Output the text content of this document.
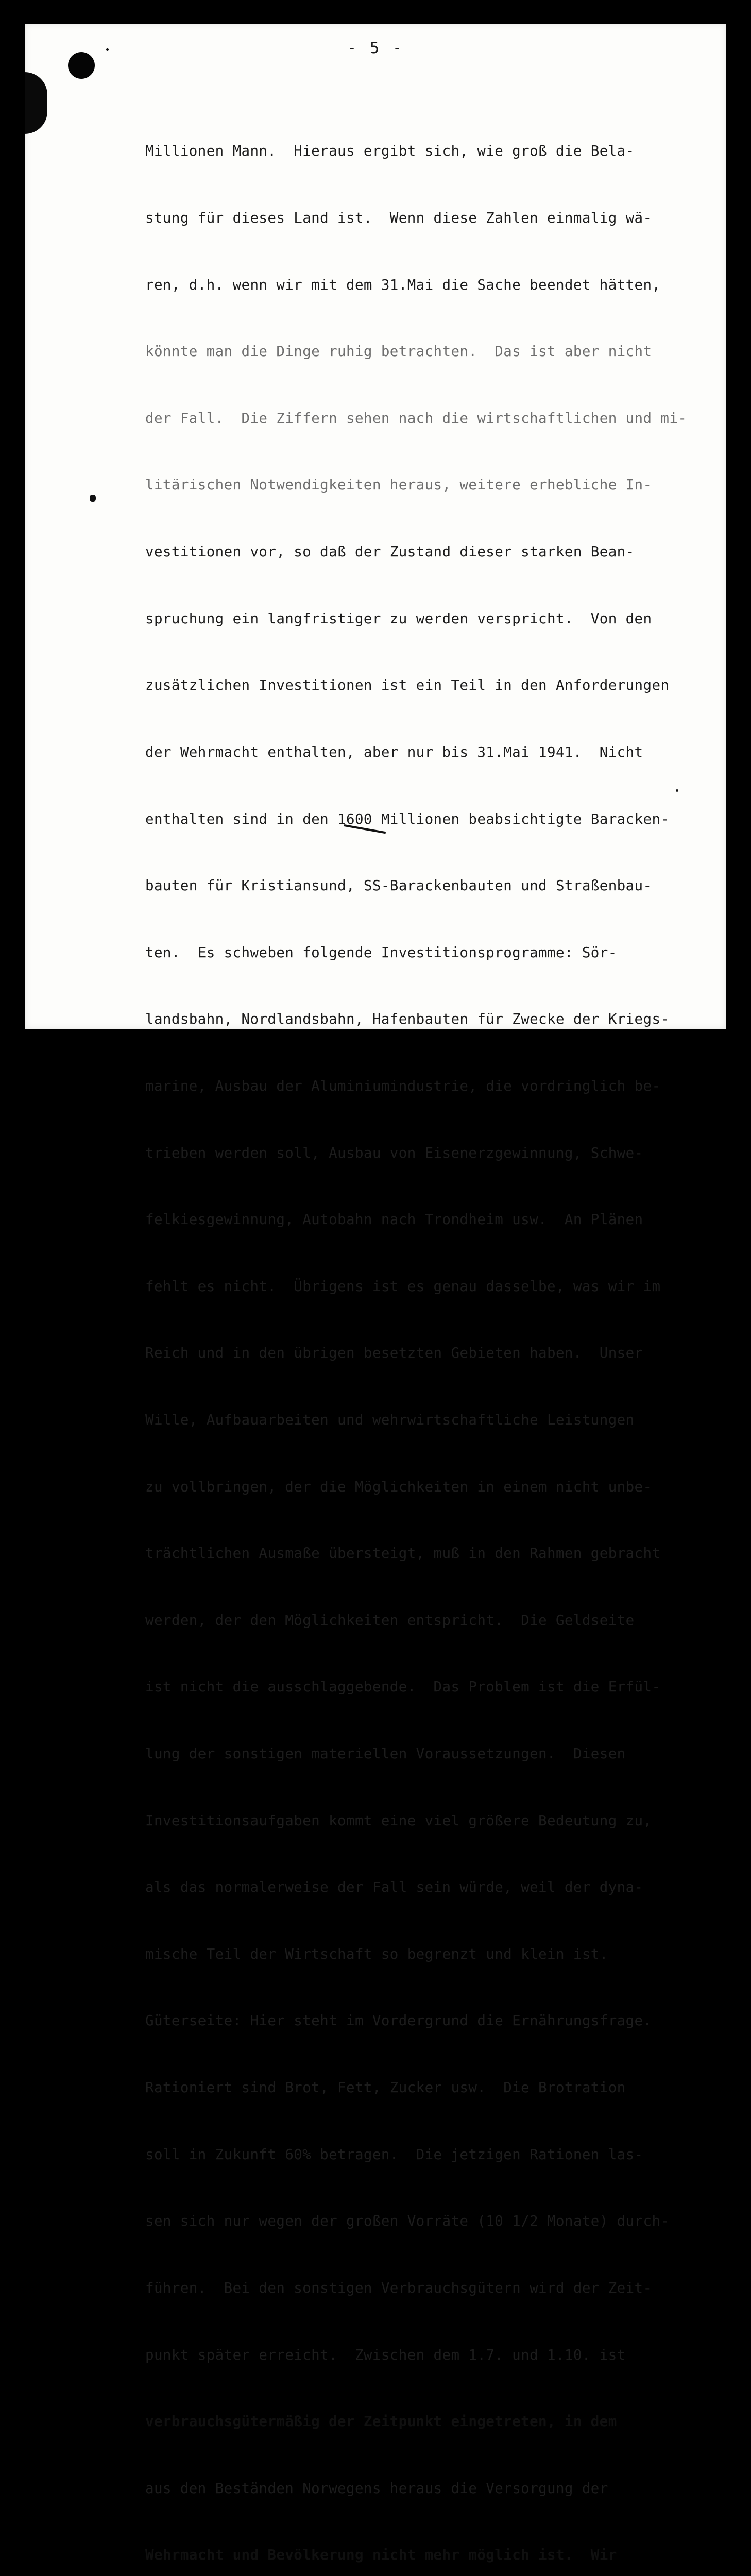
- 5 -

Millionen Mann.  Hieraus ergibt sich, wie groß die Bela-

stung für dieses Land ist.  Wenn diese Zahlen einmalig wä-

ren, d.h. wenn wir mit dem 31.Mai die Sache beendet hätten,

könnte man die Dinge ruhig betrachten.  Das ist aber nicht

der Fall.  Die Ziffern sehen nach die wirtschaftlichen und mi-

litärischen Notwendigkeiten heraus, weitere erhebliche In-

vestitionen vor, so daß der Zustand dieser starken Bean-

spruchung ein langfristiger zu werden verspricht.  Von den

zusätzlichen Investitionen ist ein Teil in den Anforderungen

der Wehrmacht enthalten, aber nur bis 31.Mai 1941.  Nicht

enthalten sind in den 1600 Millionen beabsichtigte Baracken-

bauten für Kristiansund, SS-Barackenbauten und Straßenbau-

ten.  Es schweben folgende Investitionsprogramme: Sör-

landsbahn, Nordlandsbahn, Hafenbauten für Zwecke der Kriegs-

marine, Ausbau der Aluminiumindustrie, die vordringlich be-

trieben werden soll, Ausbau von Eisenerzgewinnung, Schwe-

felkiesgewinnung, Autobahn nach Trondheim usw.  An Plänen

fehlt es nicht.  Übrigens ist es genau dasselbe, was wir im

Reich und in den übrigen besetzten Gebieten haben.  Unser

Wille, Aufbauarbeiten und wehrwirtschaftliche Leistungen

zu vollbringen, der die Möglichkeiten in einem nicht unbe-

trächtlichen Ausmaße übersteigt, muß in den Rahmen gebracht

werden, der den Möglichkeiten entspricht.  Die Geldseite

ist nicht die ausschlaggebende.  Das Problem ist die Erfül-

lung der sonstigen materiellen Voraussetzungen.  Diesen

Investitionsaufgaben kommt eine viel größere Bedeutung zu,

als das normalerweise der Fall sein würde, weil der dyna-

mische Teil der Wirtschaft so begrenzt und klein ist.

Güterseite: Hier steht im Vordergrund die Ernährungsfrage.

Rationiert sind Brot, Fett, Zucker usw.  Die Brotration

soll in Zukunft 60% betragen.  Die jetzigen Rationen las-

sen sich nur wegen der großen Vorräte (10 1/2 Monate) durch-

führen.  Bei den sonstigen Verbrauchsgütern wird der Zeit-

punkt später erreicht.  Zwischen dem 1.7. und 1.10. ist

verbrauchsgütermäßig der Zeitpunkt eingetreten, in dem

aus den Beständen Norwegens heraus die Versorgung der

Wehrmacht und Bevölkerung nicht mehr möglich ist.  Wir
